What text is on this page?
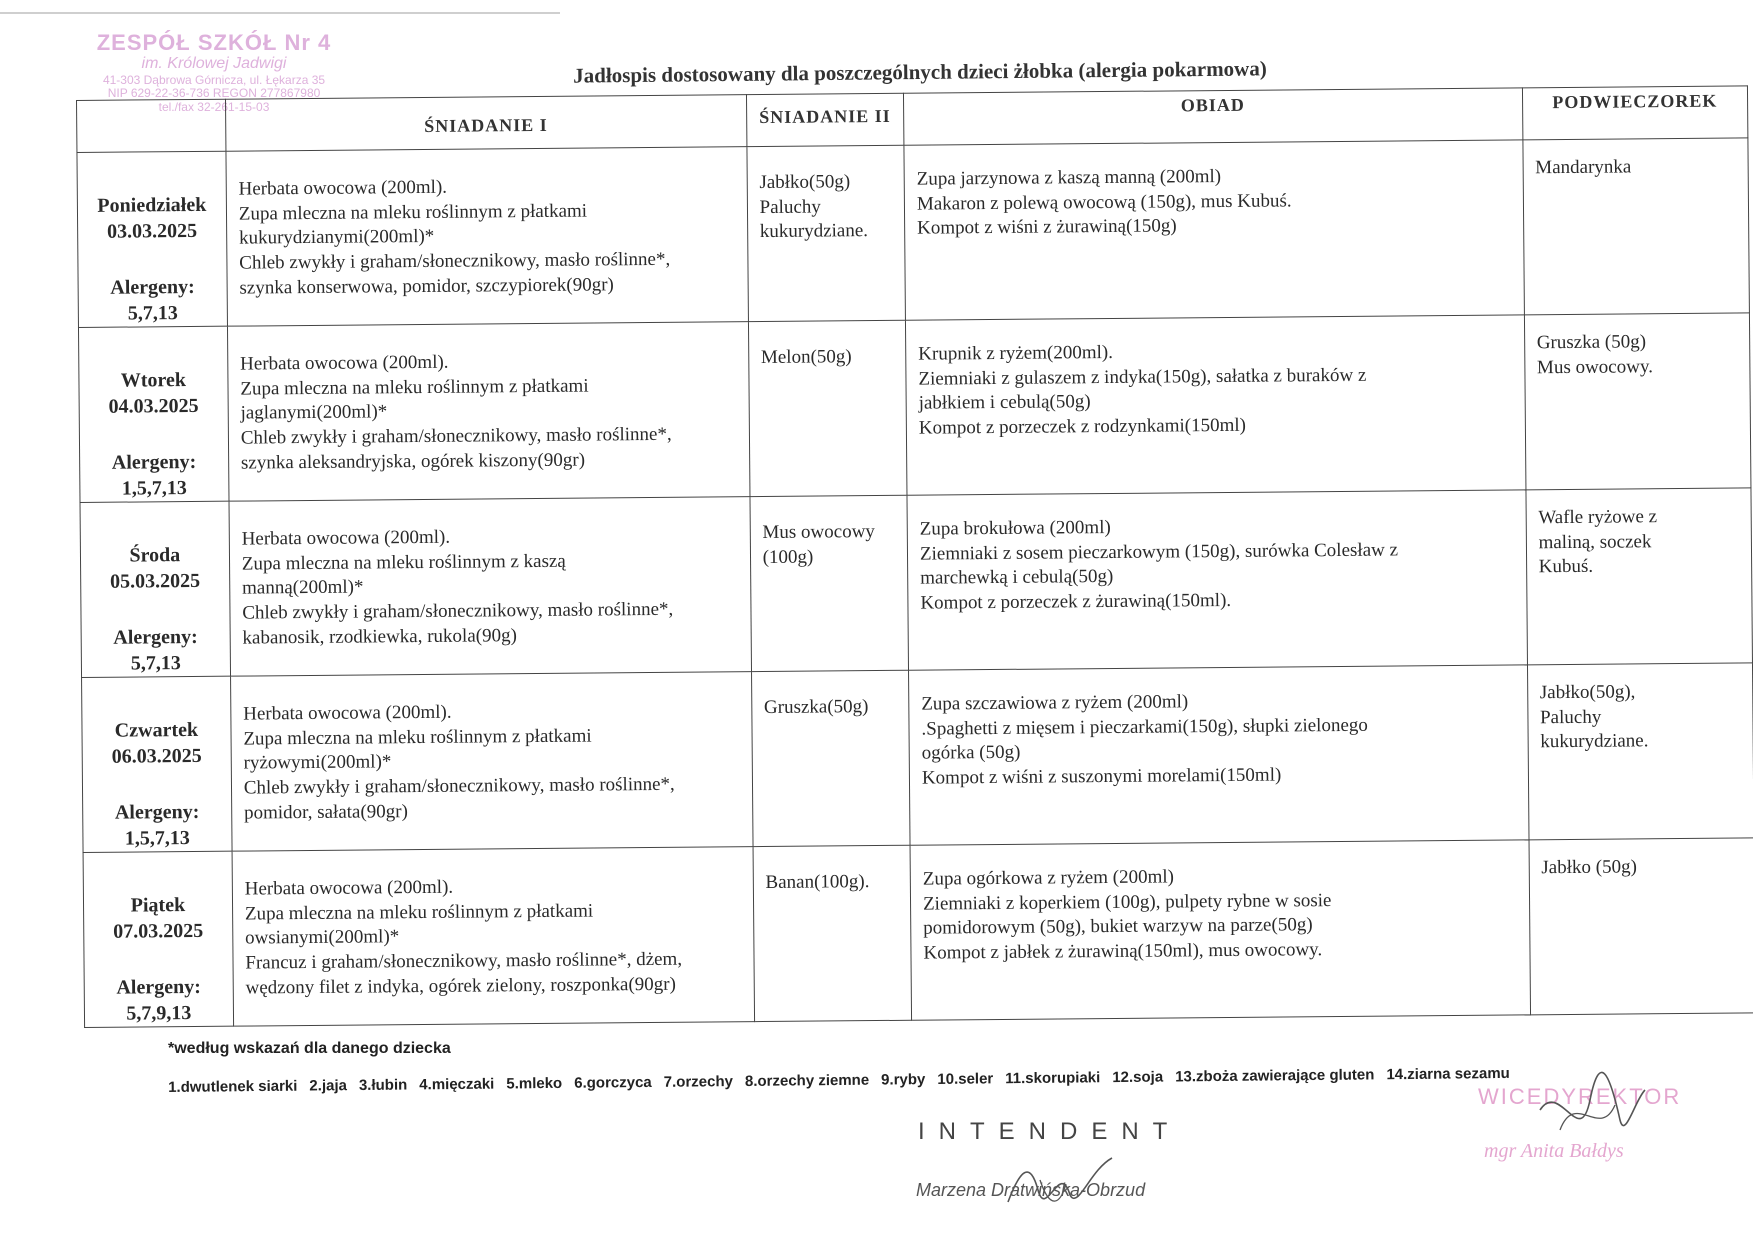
ZESPÓŁ SZKÓŁ Nr 4
im. Królowej Jadwigi
41-303 Dąbrowa Górnicza, ul. Łękarza 35
NIP 629-22-36-736 REGON 277867980
tel./fax 32-261-15-03
Jadłospis dostosowany dla poszczególnych dzieci żłobka (alergia pokarmowa)
	ŚNIADANIE I	ŚNIADANIE II	OBIAD	PODWIECZOREK

Poniedziałek
03.03.2025
Alergeny:
5,7,13	Herbata owocowa (200ml).
Zupa mleczna na mleku roślinnym z płatkami
kukurydzianymi(200ml)*
Chleb zwykły i graham/słonecznikowy, masło roślinne*,
szynka konserwowa, pomidor, szczypiorek(90gr)	Jabłko(50g)
Paluchy
kukurydziane.	Zupa jarzynowa z kaszą manną (200ml)
Makaron z polewą owocową (150g), mus Kubuś.
Kompot z wiśni z żurawiną(150g)	Mandarynka

Wtorek
04.03.2025
Alergeny:
1,5,7,13	Herbata owocowa (200ml).
Zupa mleczna na mleku roślinnym z płatkami
jaglanymi(200ml)*
Chleb zwykły i graham/słonecznikowy, masło roślinne*,
szynka aleksandryjska, ogórek kiszony(90gr)	Melon(50g)	Krupnik z ryżem(200ml).
Ziemniaki z gulaszem z indyka(150g), sałatka z buraków z
jabłkiem i cebulą(50g)
Kompot z porzeczek z rodzynkami(150ml)	Gruszka (50g)
Mus owocowy.

Środa
05.03.2025
Alergeny:
5,7,13	Herbata owocowa (200ml).
Zupa mleczna na mleku roślinnym z kaszą
manną(200ml)*
Chleb zwykły i graham/słonecznikowy, masło roślinne*,
kabanosik, rzodkiewka, rukola(90g)	Mus owocowy
(100g)	Zupa brokułowa (200ml)
Ziemniaki z sosem pieczarkowym (150g), surówka Colesław z
marchewką i cebulą(50g)
Kompot z porzeczek z żurawiną(150ml).	Wafle ryżowe z
maliną, soczek
Kubuś.

Czwartek
06.03.2025
Alergeny:
1,5,7,13	Herbata owocowa (200ml).
Zupa mleczna na mleku roślinnym z płatkami
ryżowymi(200ml)*
Chleb zwykły i graham/słonecznikowy, masło roślinne*,
pomidor, sałata(90gr)	Gruszka(50g)	Zupa szczawiowa z ryżem (200ml)
.Spaghetti z mięsem i pieczarkami(150g), słupki zielonego
ogórka (50g)
Kompot z wiśni z suszonymi morelami(150ml)	Jabłko(50g),
Paluchy
kukurydziane.

Piątek
07.03.2025
Alergeny:
5,7,9,13	Herbata owocowa (200ml).
Zupa mleczna na mleku roślinnym z płatkami
owsianymi(200ml)*
Francuz i graham/słonecznikowy, masło roślinne*, dżem,
wędzony filet z indyka, ogórek zielony, roszponka(90gr)	Banan(100g).	Zupa ogórkowa z ryżem (200ml)
Ziemniaki z koperkiem (100g), pulpety rybne w sosie
pomidorowym (50g), bukiet warzyw na parze(50g)
Kompot z jabłek z żurawiną(150ml), mus owocowy.	Jabłko (50g)
*według wskazań dla danego dziecka
1.dwutlenek siarki 2.jaja 3.łubin 4.mięczaki 5.mleko 6.gorczyca 7.orzechy 8.orzechy ziemne 9.ryby 10.seler 11.skorupiaki 12.soja 13.zboża zawierające gluten 14.ziarna sezamu
INTENDENT
Marzena Dratwińska-Obrzud
WICEDYREKTOR
mgr Anita Bałdys
